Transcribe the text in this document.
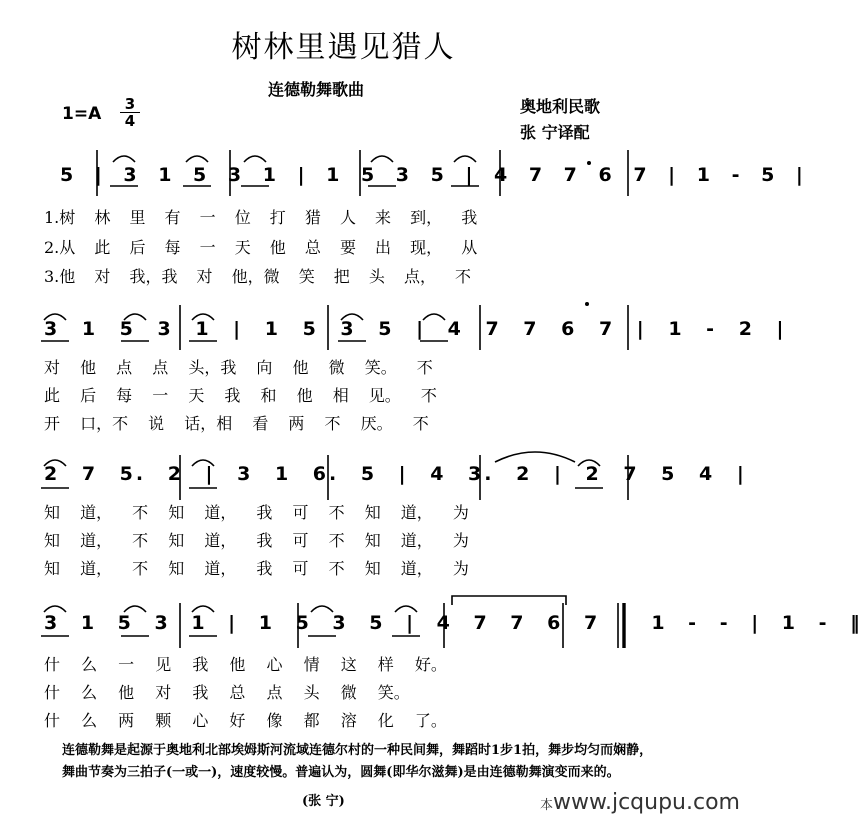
树林里遇见猎人
连德勒舞歌曲
奥地利民歌
张 宁译配
$1=A \frac{3}{4}$
5 | 3 1 5 3 1 | 1 5 3 5 | 4 7 7 6 7 | 1 - 5 |
1.树 林 里 有 一 位 打 猎 人 来 到， 我
2.从 此 后 每 一 天 他 总 要 出 现， 从
3.他 对 我，我 对 他，微 笑 把 头 点， 不
3 1 5 3 1 | 1 5 3 5 | 4 7 7 6 7 | 1 - 2 |
对 他 点 点 头，我 向 他 微 笑。 不
此 后 每 一 天 我 和 他 相 见。 不
开 口，不 说 话，相 看 两 不 厌。 不
2 7 5. 2 | 3 1 6. 5 | 4 3. 2 | 2 7 5 4 |
知 道， 不 知 道， 我 可 不 知 道， 为
知 道， 不 知 道， 我 可 不 知 道， 为
知 道， 不 知 道， 我 可 不 知 道， 为
3 1 5 3 1 | 1 5 3 5 | 4 7 7 6 7 | 1 - - | 1 - ‖
什 么 一 见 我 他 心 情 这 样 好。
什 么 他 对 我 总 点 头 微 笑。
什 么 两 颗 心 好 像 都 溶 化 了。
连德勒舞是起源于奥地利北部埃姆斯河流域连德尔村的一种民间舞，舞蹈时1步1拍，舞步均匀而娴静，舞曲节奏为三拍子(一或一)，速度较慢。普遍认为，圆舞(即华尔滋舞)是由连德勒舞演变而来的。
(张 宁)	本www.jcqupu.com
